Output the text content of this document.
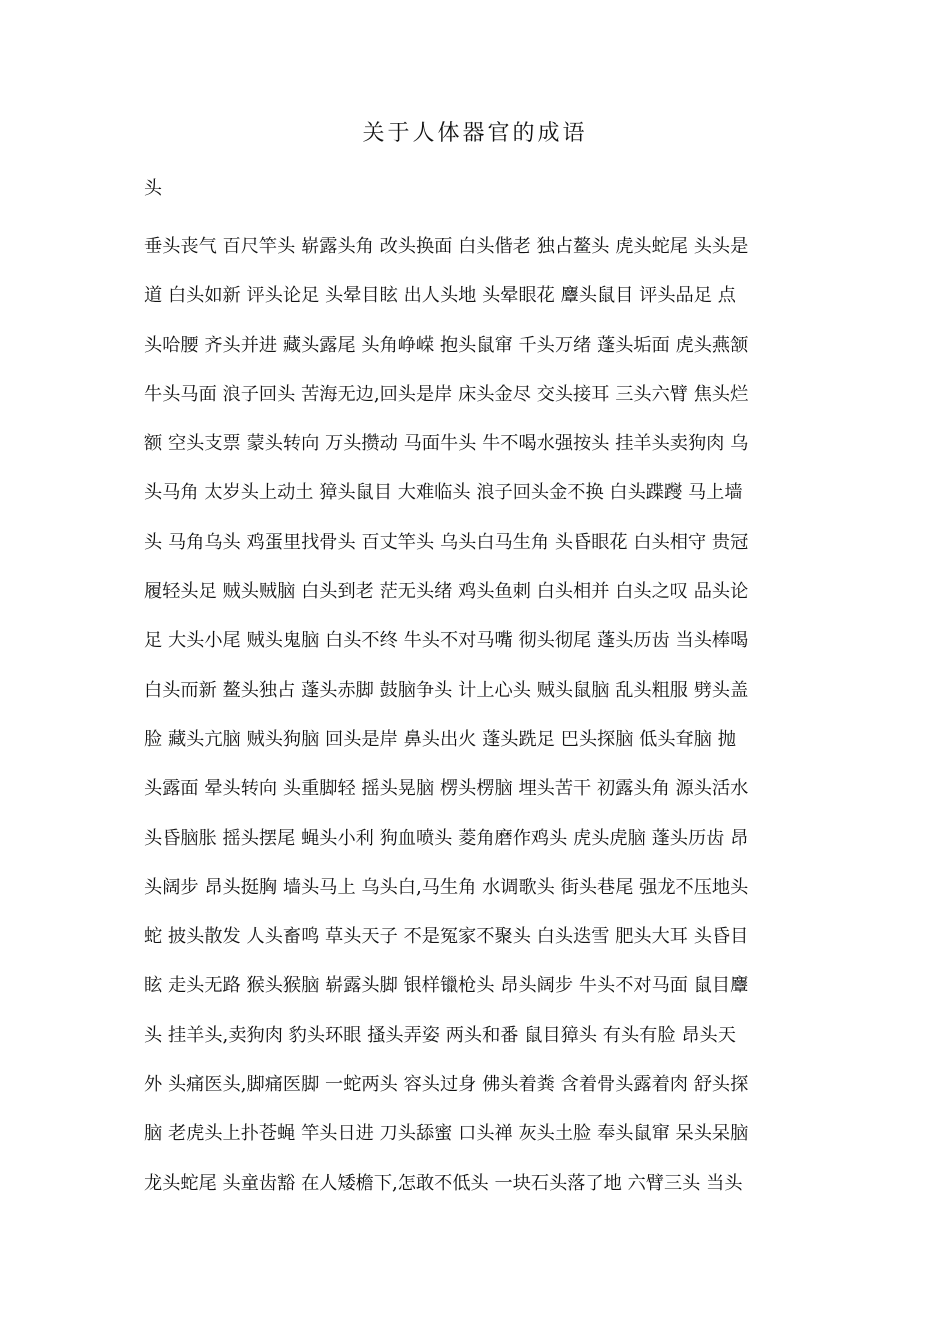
关于人体器官的成语

头

垂头丧气 百尺竿头 崭露头角 改头换面 白头偕老 独占鳌头 虎头蛇尾 头头是
道 白头如新 评头论足 头晕目眩 出人头地 头晕眼花 麞头鼠目 评头品足 点
头哈腰 齐头并进 藏头露尾 头角峥嵘 抱头鼠窜 千头万绪 蓬头垢面 虎头燕颔
牛头马面 浪子回头 苦海无边,回头是岸 床头金尽 交头接耳 三头六臂 焦头烂
额 空头支票 蒙头转向 万头攒动 马面牛头 牛不喝水强按头 挂羊头卖狗肉 乌
头马角 太岁头上动土 獐头鼠目 大难临头 浪子回头金不换 白头蹀躞 马上墙
头 马角乌头 鸡蛋里找骨头 百丈竿头 乌头白马生角 头昏眼花 白头相守 贵冠
履轻头足 贼头贼脑 白头到老 茫无头绪 鸡头鱼刺 白头相并 白头之叹 品头论
足 大头小尾 贼头鬼脑 白头不终 牛头不对马嘴 彻头彻尾 蓬头历齿 当头棒喝
白头而新 鳌头独占 蓬头赤脚 鼓脑争头 计上心头 贼头鼠脑 乱头粗服 劈头盖
脸 藏头亢脑 贼头狗脑 回头是岸 鼻头出火 蓬头跣足 巴头探脑 低头耷脑 抛
头露面 晕头转向 头重脚轻 摇头晃脑 楞头楞脑 埋头苦干 初露头角 源头活水
头昏脑胀 摇头摆尾 蝇头小利 狗血喷头 菱角磨作鸡头 虎头虎脑 蓬头历齿 昂
头阔步 昂头挺胸 墙头马上 乌头白,马生角 水调歌头 街头巷尾 强龙不压地头
蛇 披头散发 人头畜鸣 草头天子 不是冤家不聚头 白头迭雪 肥头大耳 头昏目
眩 走头无路 猴头猴脑 崭露头脚 银样镴枪头 昂头阔步 牛头不对马面 鼠目麞
头 挂羊头,卖狗肉 豹头环眼 搔头弄姿 两头和番 鼠目獐头 有头有脸 昂头天
外 头痛医头,脚痛医脚 一蛇两头 容头过身 佛头着粪 含着骨头露着肉 舒头探
脑 老虎头上扑苍蝇 竿头日进 刀头舔蜜 口头禅 灰头土脸 奉头鼠窜 呆头呆脑
龙头蛇尾 头童齿豁 在人矮檐下,怎敢不低头 一块石头落了地 六臂三头 当头
